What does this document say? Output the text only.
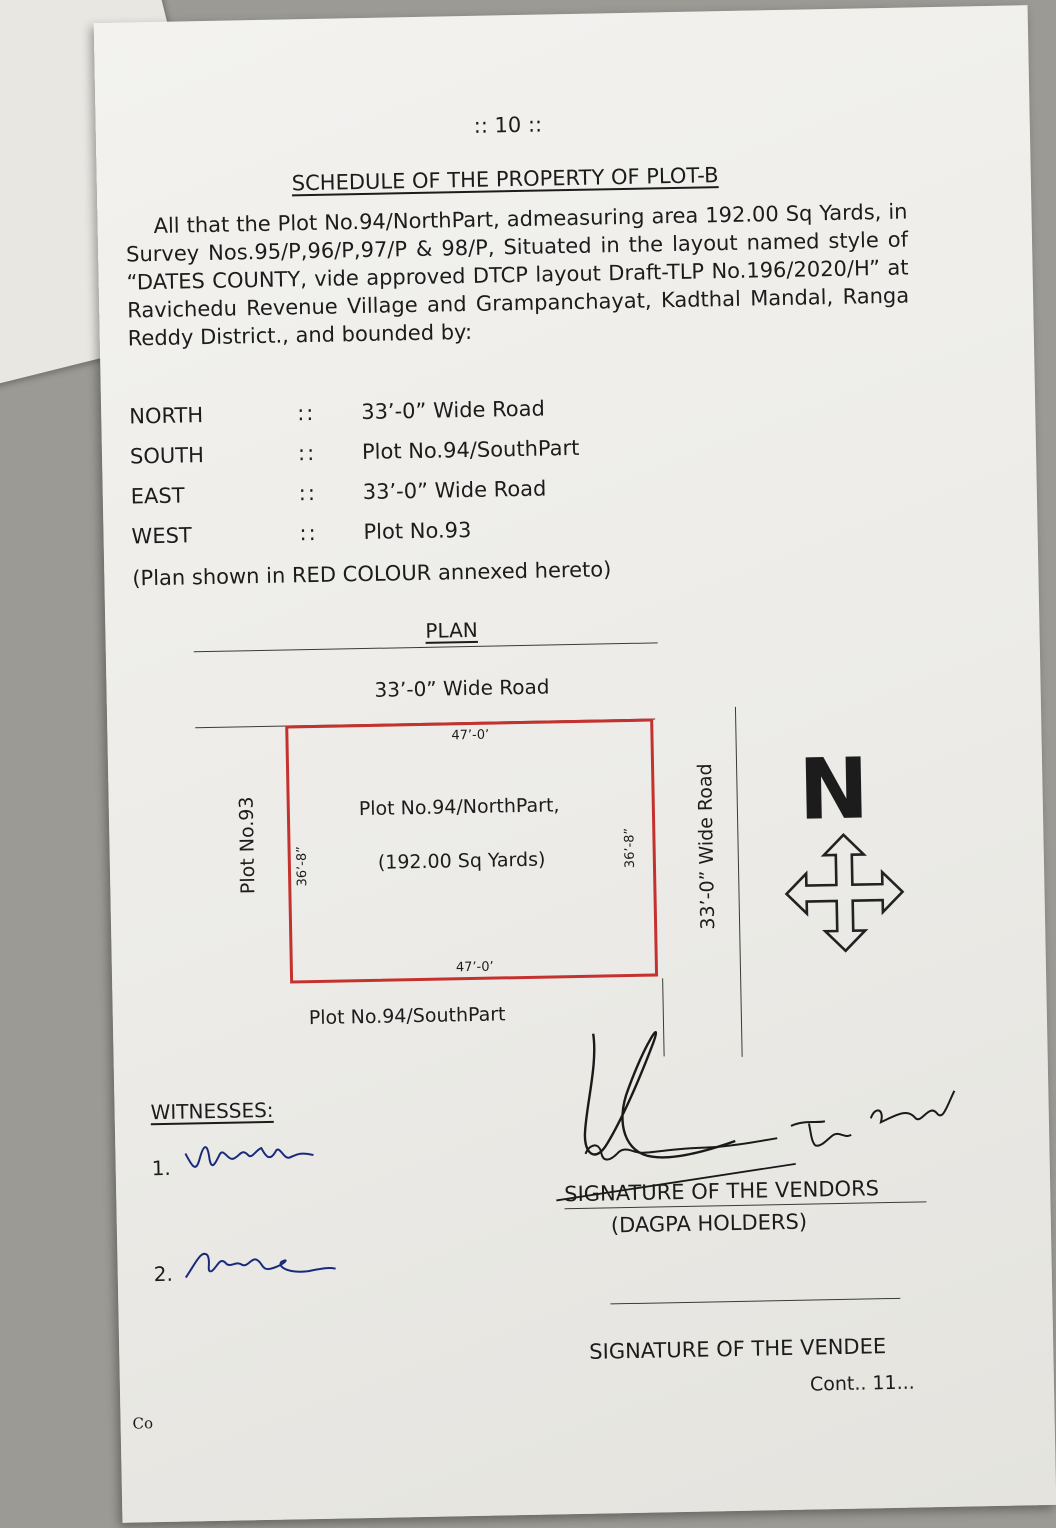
:: 10 ::
SCHEDULE OF THE PROPERTY OF PLOT-B

All that the Plot No.94/NorthPart, admeasuring area 192.00 Sq Yards, in Survey Nos.95/P,96/P,97/P & 98/P, Situated in the layout named style of “DATES COUNTY, vide approved DTCP layout Draft-TLP No.196/2020/H” at Ravichedu Revenue Village and Grampanchayat, Kadthal Mandal, Ranga Reddy District., and bounded by:

NORTH	:: 33’-0” Wide Road
SOUTH	:: Plot No.94/SouthPart
EAST	:: 33’-0” Wide Road
WEST	:: Plot No.93
(Plan shown in RED COLOUR annexed hereto)
PLAN
33’-0” Wide Road
47’-0’
47’-0’
36’-8”	36’-8”
Plot No.94/NorthPart,
(192.00 Sq Yards)
Plot No.93
Plot No.94/SouthPart
33’-0” Wide Road N
WITNESSES:
1.
2.
SIGNATURE OF THE VENDORS
(DAGPA HOLDERS)
SIGNATURE OF THE VENDEE
Cont.. 11...
Co
